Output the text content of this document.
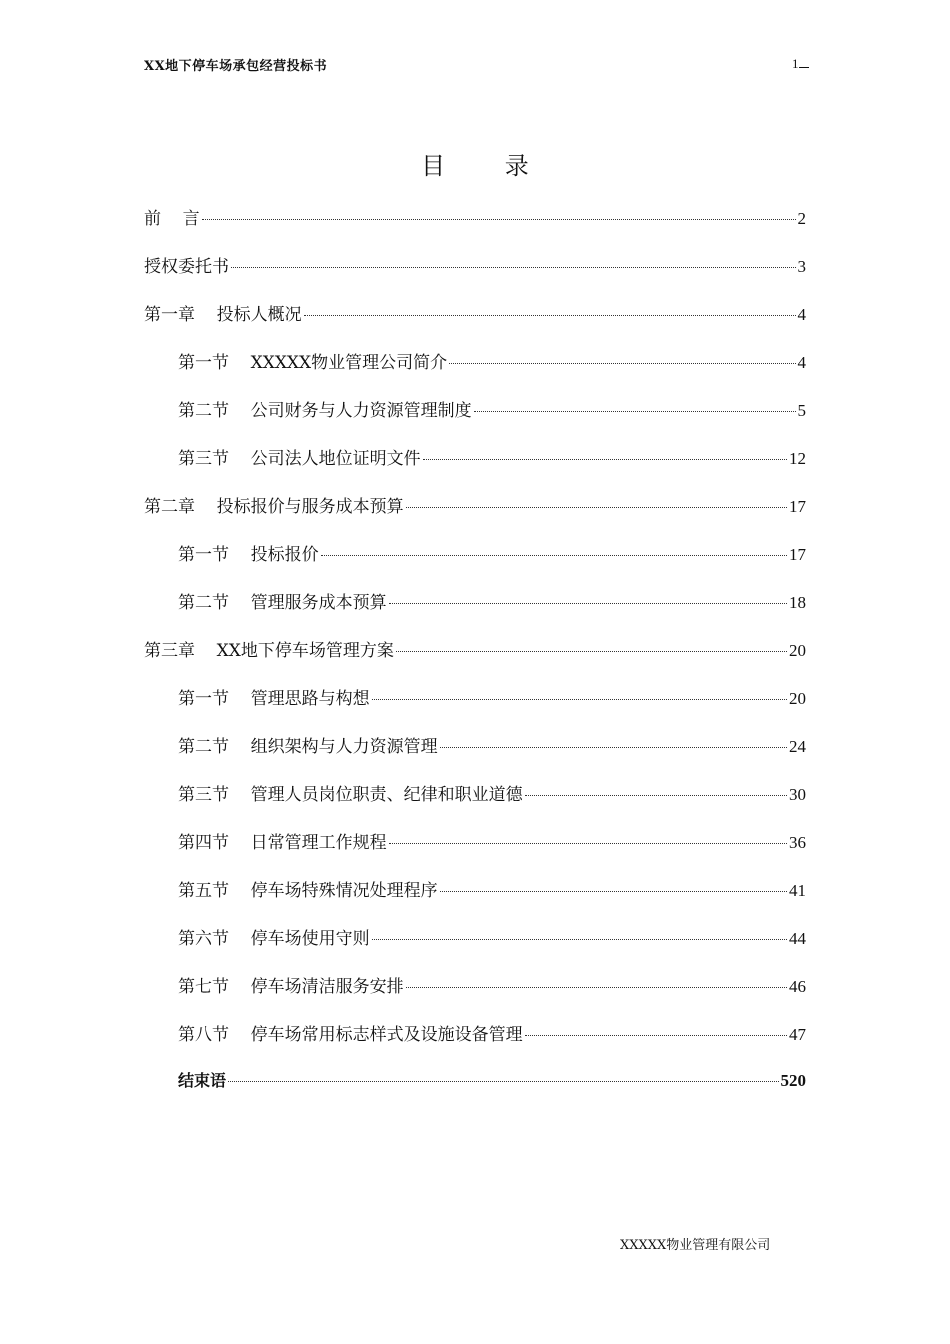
XX地下停车场承包经营投标书	1
目 录
前    言	2
授权委托书	3
第一章    投标人概况	4
第一节    XXXXX物业管理公司简介	4
第二节    公司财务与人力资源管理制度	5
第三节    公司法人地位证明文件	12
第二章    投标报价与服务成本预算	17
第一节    投标报价	17
第二节    管理服务成本预算	18
第三章    XX地下停车场管理方案	20
第一节    管理思路与构想	20
第二节    组织架构与人力资源管理	24
第三节    管理人员岗位职责、纪律和职业道德	30
第四节    日常管理工作规程	36
第五节    停车场特殊情况处理程序	41
第六节    停车场使用守则	44
第七节    停车场清洁服务安排	46
第八节    停车场常用标志样式及设施设备管理	47
结束语	520
XXXXX物业管理有限公司
